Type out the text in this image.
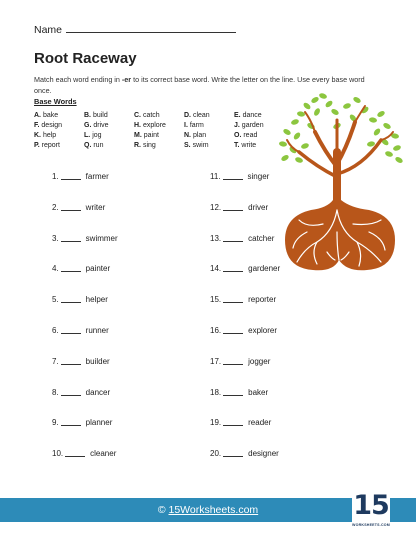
Name
Root Raceway
Match each word ending in -er to its correct base word. Write the letter on the line. Use every base word once.
Base Words
A. bake	B. build	C. catch	D. clean	E. dance
F. design	G. drive	H. explore	I. farm	J. garden
K. help	L. jog	M. paint	N. plan	O. read
P. report	Q. run	R. sing	S. swim	T. write
1.	farmer
2.	writer
3.	swimmer
4.	painter
5.	helper
6.	runner
7.	builder
8.	dancer
9.	planner
10.	cleaner
11.	singer
12.	driver
13.	catcher
14.	gardener
15.	reporter
16.	explorer
17.	jogger
18.	baker
19.	reader
20.	designer
© 15Worksheets.com	15
WORKSHEETS.COM
